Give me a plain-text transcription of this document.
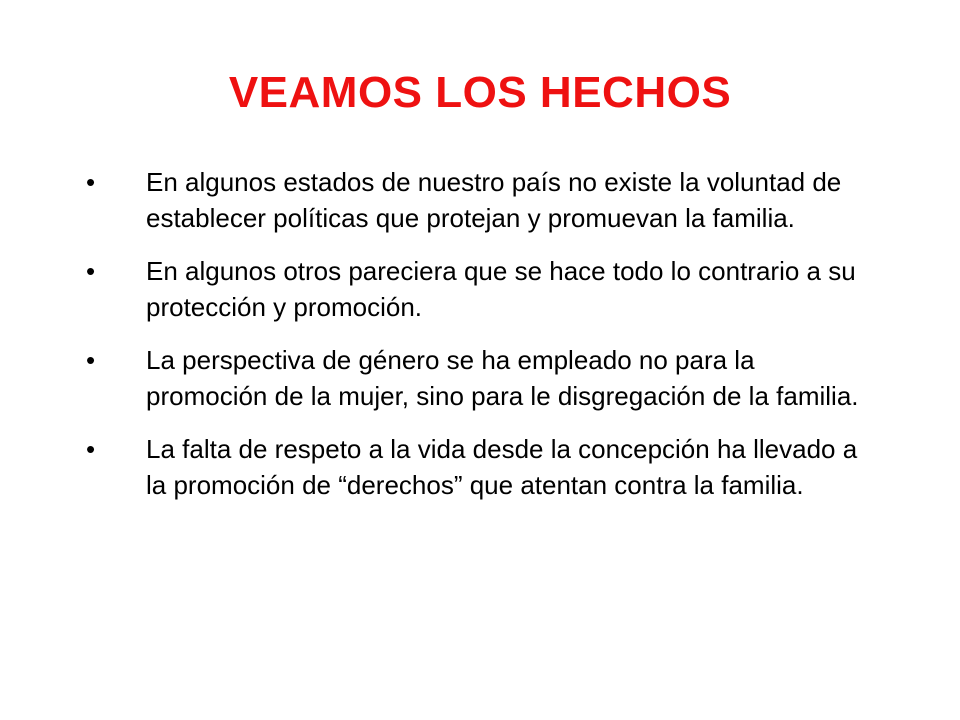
VEAMOS LOS HECHOS
•	En algunos estados de nuestro país no existe la voluntad de establecer políticas que protejan y promuevan la familia.
•	En algunos otros pareciera que se hace todo lo contrario a su protección y promoción.
•	La perspectiva de género se ha empleado no para la promoción de la mujer, sino para le disgregación de la familia.
•	La falta de respeto a la vida desde la concepción ha llevado a la promoción de “derechos” que atentan contra la familia.
